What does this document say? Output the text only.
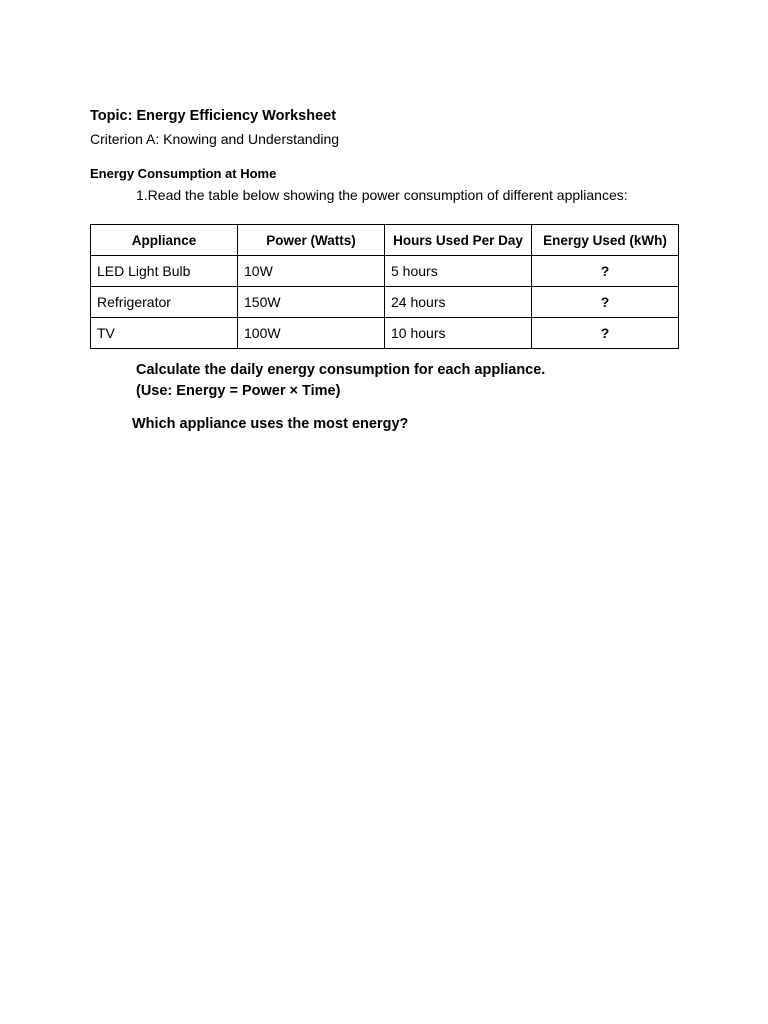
Topic: Energy Efficiency Worksheet
Criterion A: Knowing and Understanding
Energy Consumption at Home
1.Read the table below showing the power consumption of different appliances:
Appliance	Power (Watts)	Hours Used Per Day	Energy Used (kWh)
LED Light Bulb	10W	5 hours	?
Refrigerator	150W	24 hours	?
TV	100W	10 hours	?
Calculate the daily energy consumption for each appliance.
(Use: Energy = Power × Time)
Which appliance uses the most energy?
